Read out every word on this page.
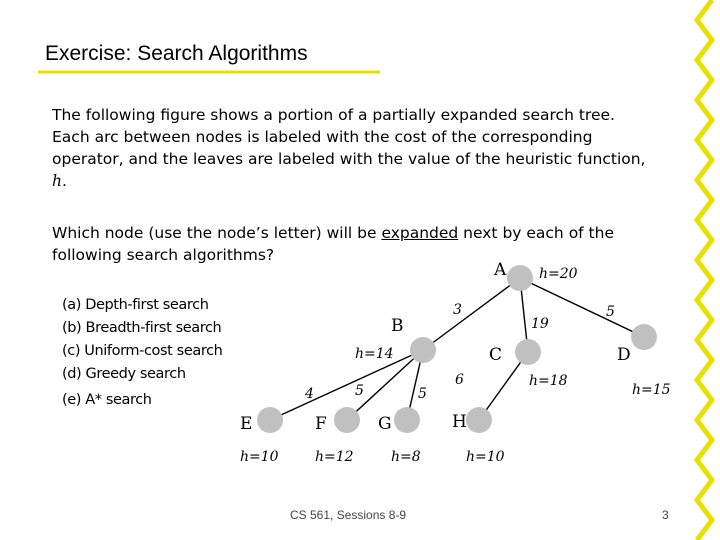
Exercise: Search Algorithms

The following figure shows a portion of a partially expanded search tree. Each arc between nodes is labeled with the cost of the corresponding operator, and the leaves are labeled with the value of the heuristic function, h.

Which node (use the node’s letter) will be expanded next by each of the following search algorithms?

(a) Depth-first search
(b) Breadth-first search
(c) Uniform-cost search
(d) Greedy search
(e) A* search
A
B
C	D
E	F	G	H
h=20
h=14
h=18
h=15
h=10	h=12	h=8	h=10
3
19
5
4	5	5
6
CS 561, Sessions 8-9	3
